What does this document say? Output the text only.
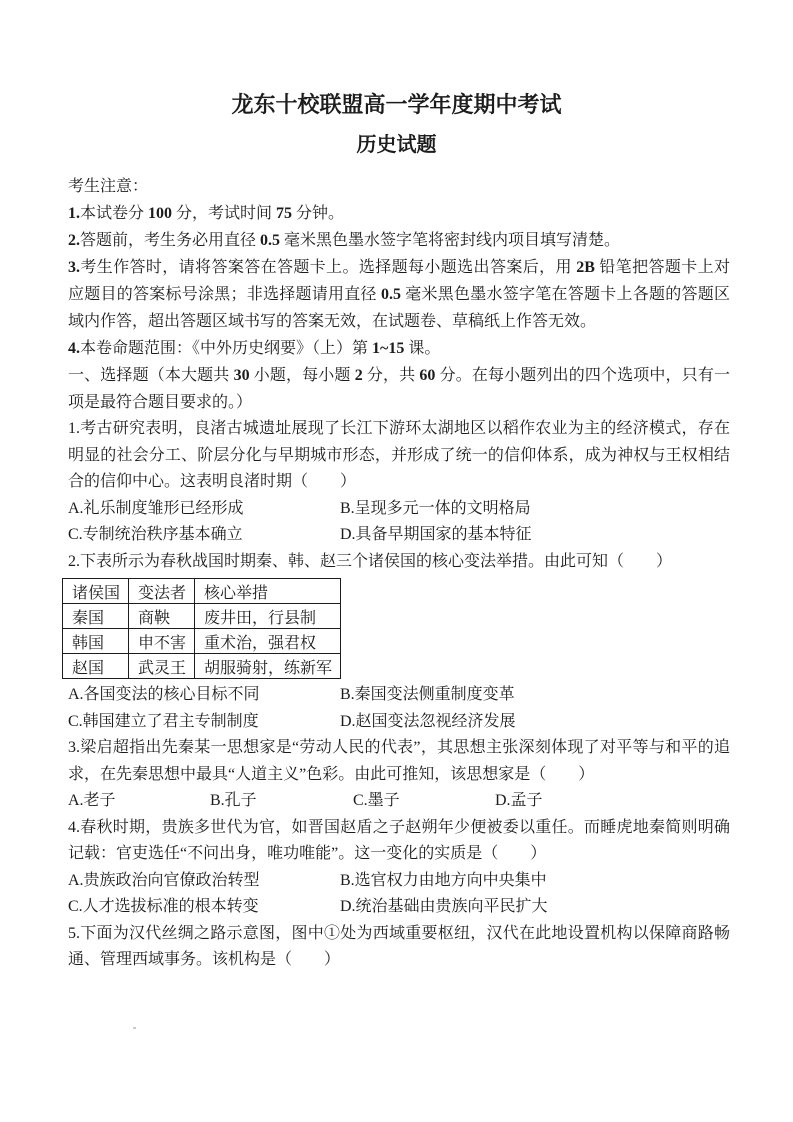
龙东十校联盟高一学年度期中考试
历史试题

考生注意：

1.本试卷分 100 分，考试时间 75 分钟。

2.答题前，考生务必用直径 0.5 毫米黑色墨水签字笔将密封线内项目填写清楚。

3.考生作答时，请将答案答在答题卡上。选择题每小题选出答案后，用 2B 铅笔把答题卡上对应题目的答案标号涂黑；非选择题请用直径 0.5 毫米黑色墨水签字笔在答题卡上各题的答题区域内作答，超出答题区域书写的答案无效，在试题卷、草稿纸上作答无效。

4.本卷命题范围：《中外历史纲要》（上）第 1~15 课。

一、选择题（本大题共 30 小题，每小题 2 分，共 60 分。在每小题列出的四个选项中，只有一项是最符合题目要求的。）

1.考古研究表明，良渚古城遗址展现了长江下游环太湖地区以稻作农业为主的经济模式，存在明显的社会分工、阶层分化与早期城市形态，并形成了统一的信仰体系，成为神权与王权相结合的信仰中心。这表明良渚时期（　　）

A.礼乐制度雏形已经形成	B.呈现多元一体的文明格局
C.专制统治秩序基本确立	D.具备早期国家的基本特征

2.下表所示为春秋战国时期秦、韩、赵三个诸侯国的核心变法举措。由此可知（　　）

诸侯国	变法者	核心举措
秦国	商鞅	废井田，行县制
韩国	申不害	重术治，强君权
赵国	武灵王	胡服骑射，练新军
A.各国变法的核心目标不同	B.秦国变法侧重制度变革
C.韩国建立了君主专制制度	D.赵国变法忽视经济发展

3.梁启超指出先秦某一思想家是“劳动人民的代表”，其思想主张深刻体现了对平等与和平的追求，在先秦思想中最具“人道主义”色彩。由此可推知，该思想家是（　　）

A.老子	B.孔子	C.墨子	D.孟子

4.春秋时期，贵族多世代为官，如晋国赵盾之子赵朔年少便被委以重任。而睡虎地秦简则明确记载：官吏选任“不问出身，唯功唯能”。这一变化的实质是（　　）

A.贵族政治向官僚政治转型	B.选官权力由地方向中央集中
C.人才选拔标准的根本转变	D.统治基础由贵族向平民扩大

5.下面为汉代丝绸之路示意图，图中①处为西域重要枢纽，汉代在此地设置机构以保障商路畅通、管理西域事务。该机构是（　　）
